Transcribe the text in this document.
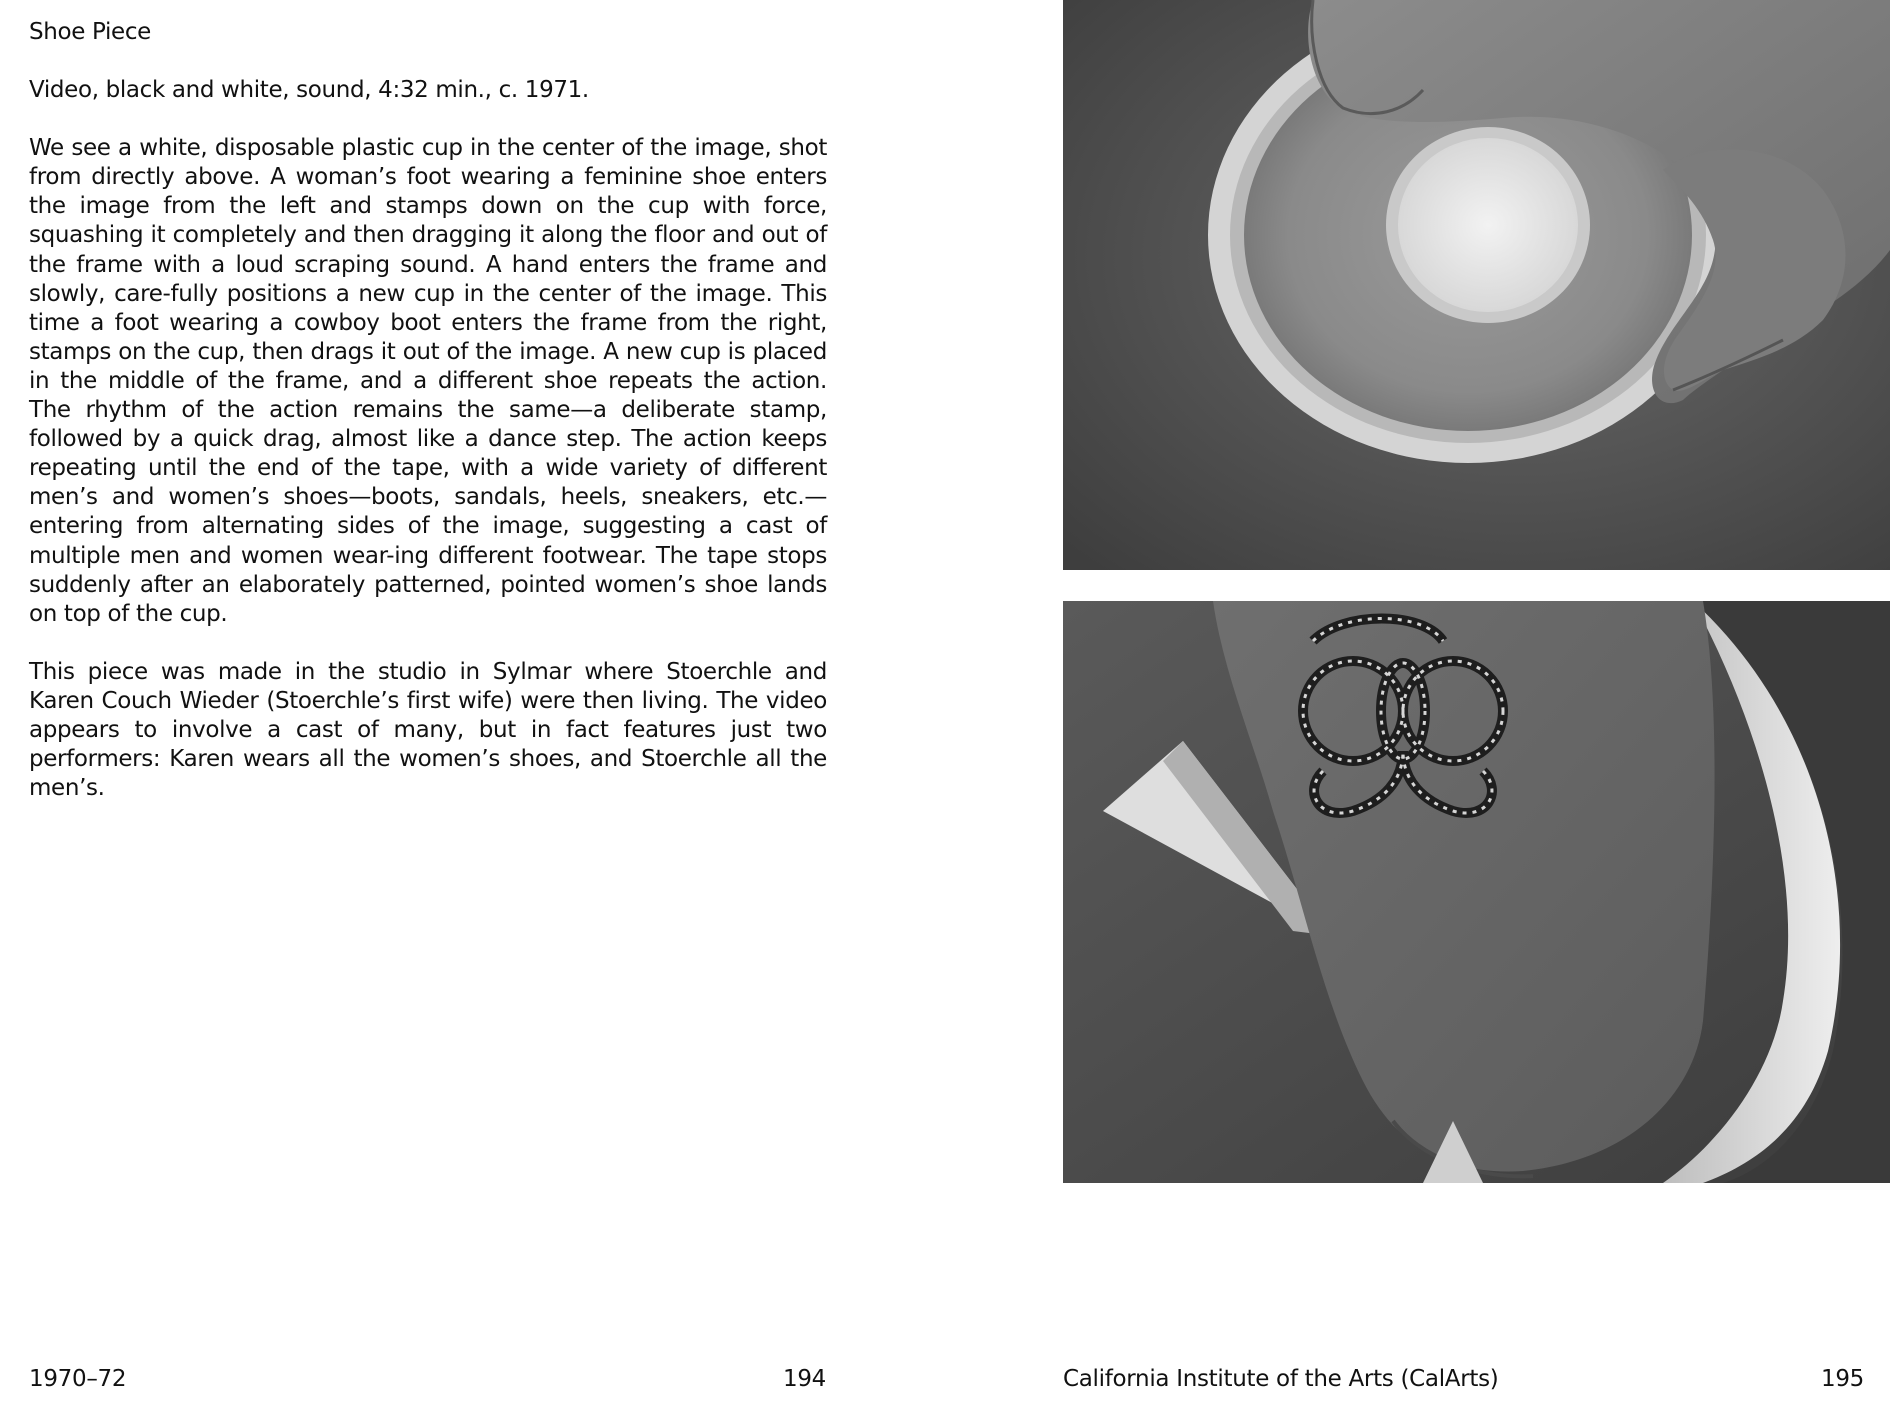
Shoe Piece

Video, black and white, sound, 4:32 min., c. 1971.

We see a white, disposable plastic cup in the center of the image, shot from directly above. A woman’s foot wearing a feminine shoe enters the image from the left and stamps down on the cup with force, squashing it completely and then dragging it along the floor and out of the frame with a loud scraping sound. A hand enters the frame and slowly, care-fully positions a new cup in the center of the image. This time a foot wearing a cowboy boot enters the frame from the right, stamps on the cup, then drags it out of the image. A new cup is placed in the middle of the frame, and a different shoe repeats the action. The rhythm of the action remains the same—a deliberate stamp, followed by a quick drag, almost like a dance step. The action keeps repeating until the end of the tape, with a wide variety of different men’s and women’s shoes—boots, sandals, heels, sneakers, etc.—entering from alternating sides of the image, suggesting a cast of multiple men and women wear-ing different footwear. The tape stops suddenly after an elaborately patterned, pointed women’s shoe lands on top of the cup.

This piece was made in the studio in Sylmar where Stoerchle and Karen Couch Wieder (Stoerchle’s first wife) were then living. The video appears to involve a cast of many, but in fact features just two performers: Karen wears all the women’s shoes, and Stoerchle all the men’s.

1970–72	194	California Institute of the Arts (CalArts)	195
